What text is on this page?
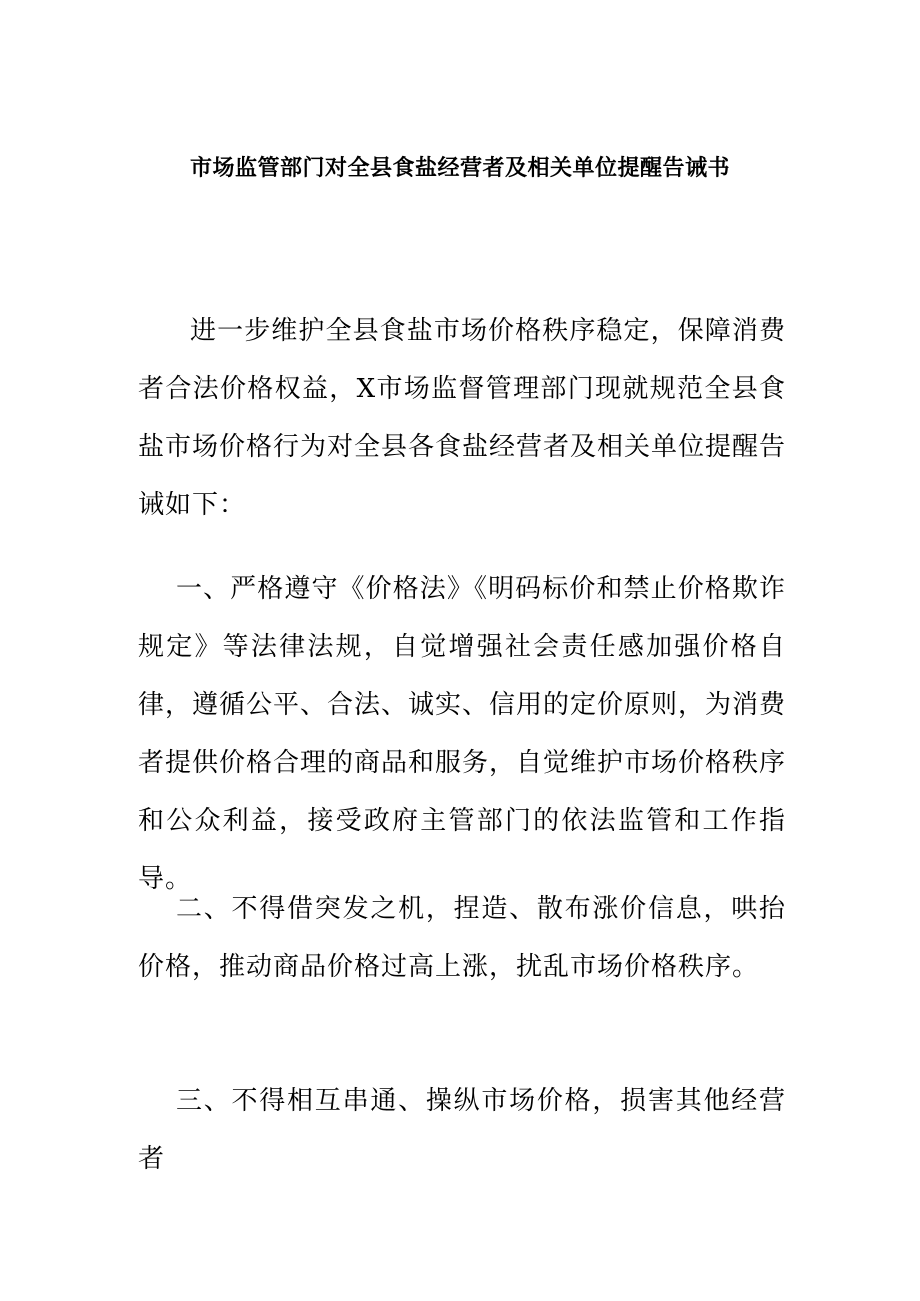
市场监管部门对全县食盐经营者及相关单位提醒告诫书

进一步维护全县食盐市场价格秩序稳定，保障消费者合法价格权益，X市场监督管理部门现就规范全县食盐市场价格行为对全县各食盐经营者及相关单位提醒告诫如下：

一、严格遵守《价格法》《明码标价和禁止价格欺诈规定》等法律法规，自觉增强社会责任感加强价格自律，遵循公平、合法、诚实、信用的定价原则，为消费者提供价格合理的商品和服务，自觉维护市场价格秩序和公众利益，接受政府主管部门的依法监管和工作指导。

二、不得借突发之机，捏造、散布涨价信息，哄抬价格，推动商品价格过高上涨，扰乱市场价格秩序。

三、不得相互串通、操纵市场价格，损害其他经营者
